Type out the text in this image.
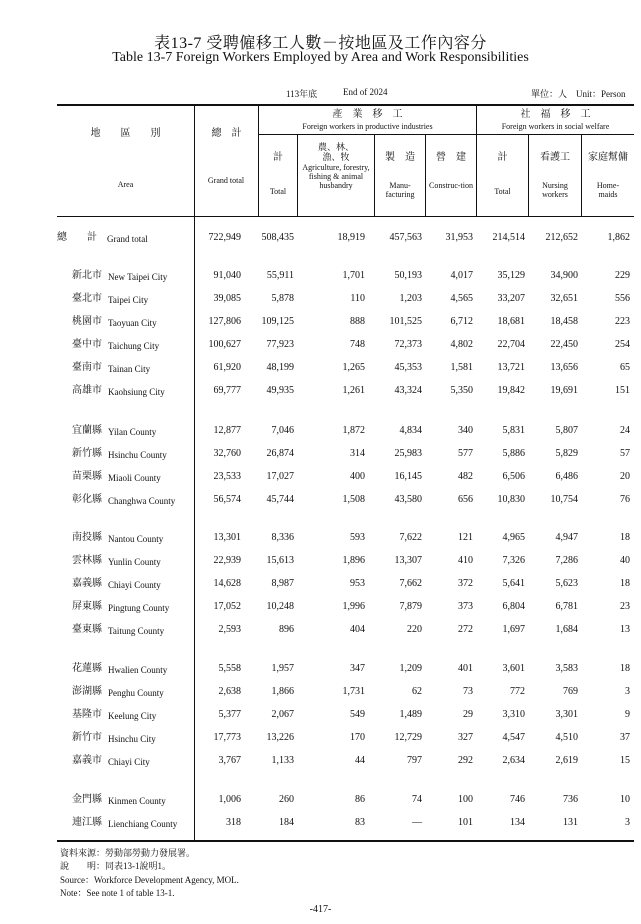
表13-7 受聘僱移工人數－按地區及工作內容分
Table 13-7 Foreign Workers Employed by Area and Work Responsibilities
113年底	End of 2024	單位：人 Unit：Person
地　　區　　別
Area
總　計
Grand total
產　業　移　工
Foreign workers in productive industries
社　福　移　工
Foreign workers in social welfare
計
Total
農、林、漁、牧
Agriculture, forestry, fishing & animal husbandry
製　造
Manu-facturing
營　建
Construc-tion
計
Total
看護工
Nursing workers
家庭幫傭
Home-maids
總　　計 Grand total	722,949	508,435	18,919	457,563	31,953	214,514	212,652	1,862
新北市 New Taipei City	91,040	55,911	1,701	50,193	4,017	35,129	34,900	229
臺北市 Taipei City	39,085	5,878	110	1,203	4,565	33,207	32,651	556
桃園市 Taoyuan City	127,806	109,125	888	101,525	6,712	18,681	18,458	223
臺中市 Taichung City	100,627	77,923	748	72,373	4,802	22,704	22,450	254
臺南市 Tainan City	61,920	48,199	1,265	45,353	1,581	13,721	13,656	65
高雄市 Kaohsiung City	69,777	49,935	1,261	43,324	5,350	19,842	19,691	151
宜蘭縣 Yilan County	12,877	7,046	1,872	4,834	340	5,831	5,807	24
新竹縣 Hsinchu County	32,760	26,874	314	25,983	577	5,886	5,829	57
苗栗縣 Miaoli County	23,533	17,027	400	16,145	482	6,506	6,486	20
彰化縣 Changhwa County	56,574	45,744	1,508	43,580	656	10,830	10,754	76
南投縣 Nantou County	13,301	8,336	593	7,622	121	4,965	4,947	18
雲林縣 Yunlin County	22,939	15,613	1,896	13,307	410	7,326	7,286	40
嘉義縣 Chiayi County	14,628	8,987	953	7,662	372	5,641	5,623	18
屏東縣 Pingtung County	17,052	10,248	1,996	7,879	373	6,804	6,781	23
臺東縣 Taitung County	2,593	896	404	220	272	1,697	1,684	13
花蓮縣 Hwalien County	5,558	1,957	347	1,209	401	3,601	3,583	18
澎湖縣 Penghu County	2,638	1,866	1,731	62	73	772	769	3
基隆市 Keelung City	5,377	2,067	549	1,489	29	3,310	3,301	9
新竹市 Hsinchu City	17,773	13,226	170	12,729	327	4,547	4,510	37
嘉義市 Chiayi City	3,767	1,133	44	797	292	2,634	2,619	15
金門縣 Kinmen County	1,006	260	86	74	100	746	736	10
連江縣 Lienchiang County	318	184	83	—	101	134	131	3
資料來源：勞動部勞動力發展署。
說　　明：同表13-1說明1。
Source：Workforce Development Agency, MOL.
Note：See note 1 of table 13-1.
-417-
